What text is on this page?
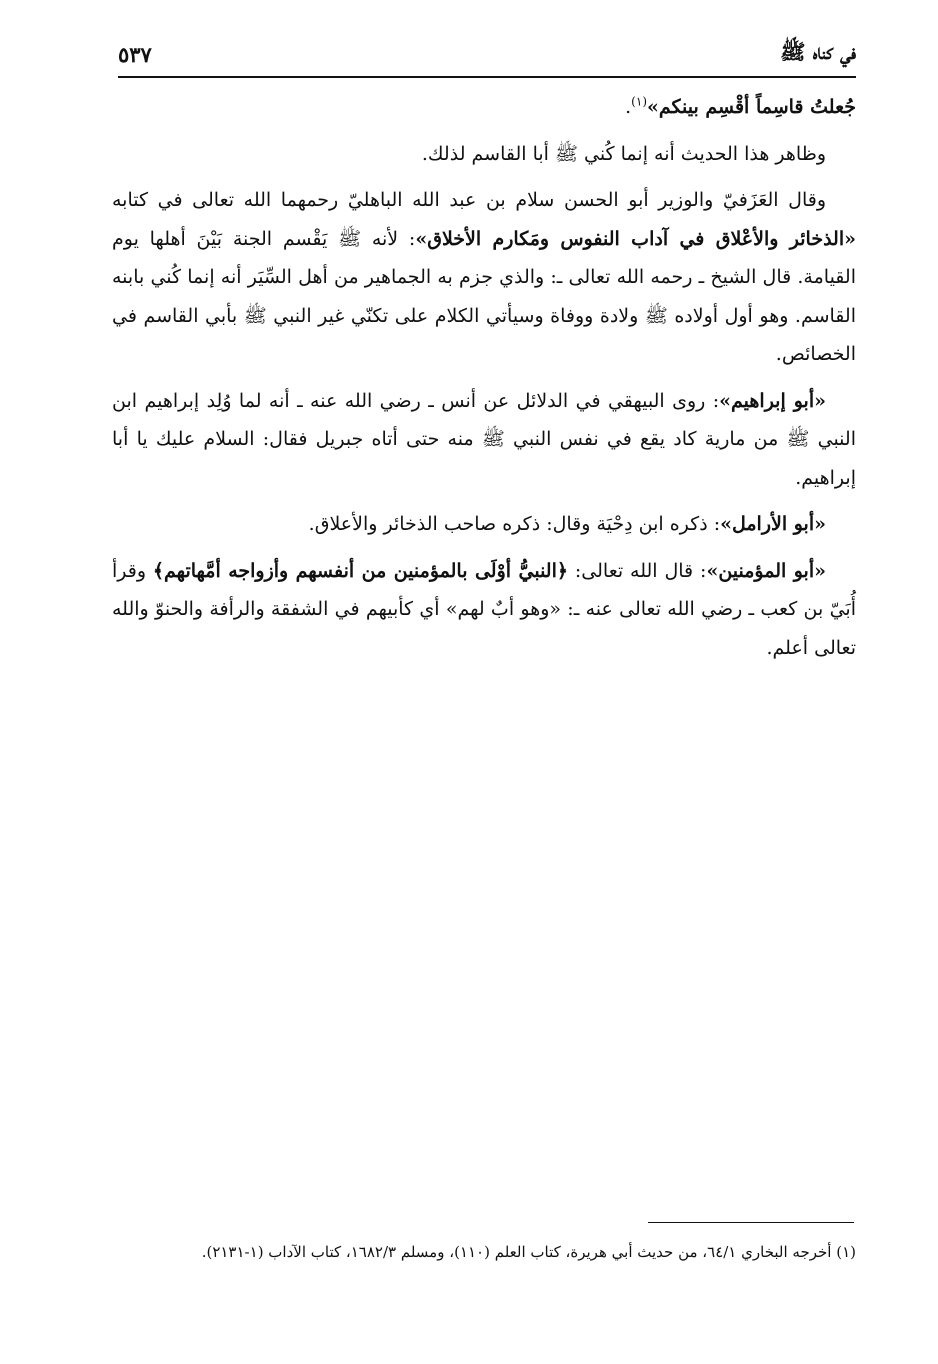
في كناه ﷺ
٥٣٧

جُعلتُ قاسِماً أقْسِم بينكم»$^{(١)}$.

وظاهر هذا الحديث أنه إنما كُني ﷺ أبا القاسم لذلك.

وقال العَزَفيّ والوزير أبو الحسن سلام بن عبد الله الباهليّ رحمهما الله تعالى في كتابه «الذخائر والأعْلاق في آداب النفوس ومَكارم الأخلاق»: لأنه ﷺ يَقْسم الجنة بَيْنَ أهلها يوم القيامة. قال الشيخ ـ رحمه الله تعالى ـ: والذي جزم به الجماهير من أهل السِّيَر أنه إنما كُني بابنه القاسم. وهو أول أولاده ﷺ ولادة ووفاة وسيأتي الكلام على تكنّي غير النبي ﷺ بأبي القاسم في الخصائص.

«أبو إبراهيم»: روى البيهقي في الدلائل عن أنس ـ رضي الله عنه ـ أنه لما وُلِد إبراهيم ابن النبي ﷺ من مارية كاد يقع في نفس النبي ﷺ منه حتى أتاه جبريل فقال: السلام عليك يا أبا إبراهيم.

«أبو الأرامل»: ذكره ابن دِحْيَة وقال: ذكره صاحب الذخائر والأعلاق.

«أبو المؤمنين»: قال الله تعالى: ﴿النبيُّ أوْلَى بالمؤمنين من أنفسهم وأزواجه أمَّهاتهم﴾ وقرأ أُبَيّ بن كعب ـ رضي الله تعالى عنه ـ: «وهو أبٌ لهم» أي كأبيهم في الشفقة والرأفة والحنوّ والله تعالى أعلم.

(١) أخرجه البخاري ٦٤/١، من حديث أبي هريرة، كتاب العلم (١١٠)، ومسلم ١٦٨٢/٣، كتاب الآداب (١-٢١٣١).
